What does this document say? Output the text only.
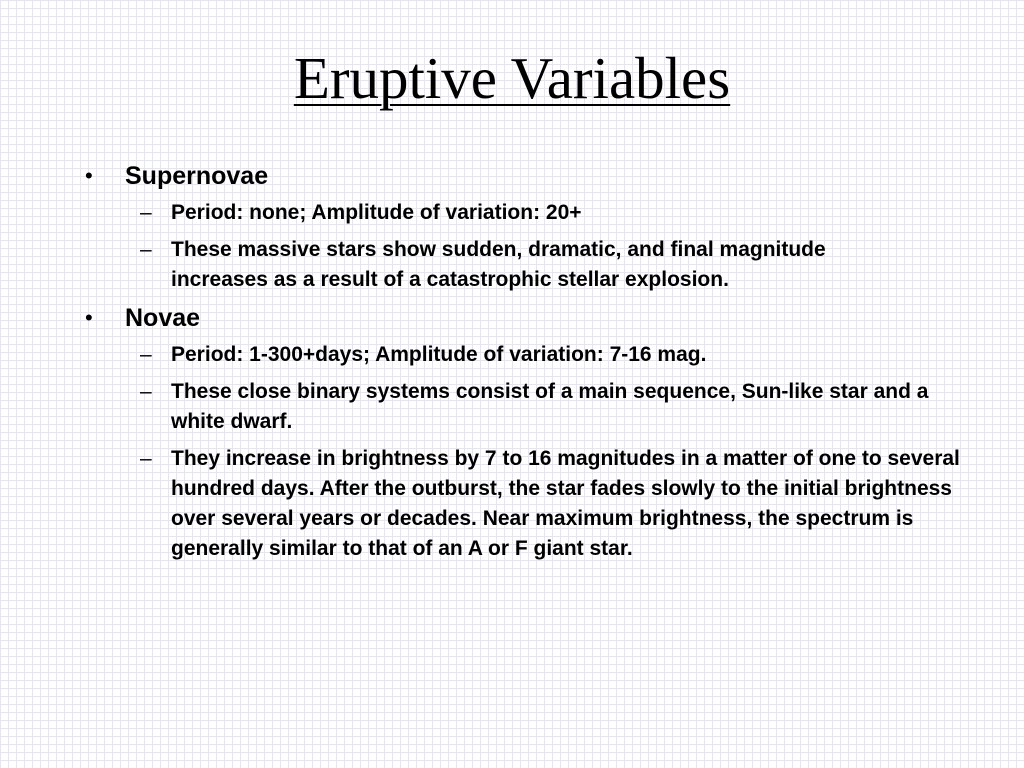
Eruptive Variables
• Supernovae
– Period: none; Amplitude of variation: 20+
– These massive stars show sudden, dramatic, and final magnitude increases as a result of a catastrophic stellar explosion.
• Novae
– Period: 1-300+days; Amplitude of variation: 7-16 mag.
– These close binary systems consist of a main sequence, Sun-like star and a white dwarf.
– They increase in brightness by 7 to 16 magnitudes in a matter of one to several hundred days. After the outburst, the star fades slowly to the initial brightness over several years or decades. Near maximum brightness, the spectrum is generally similar to that of an A or F giant star.
